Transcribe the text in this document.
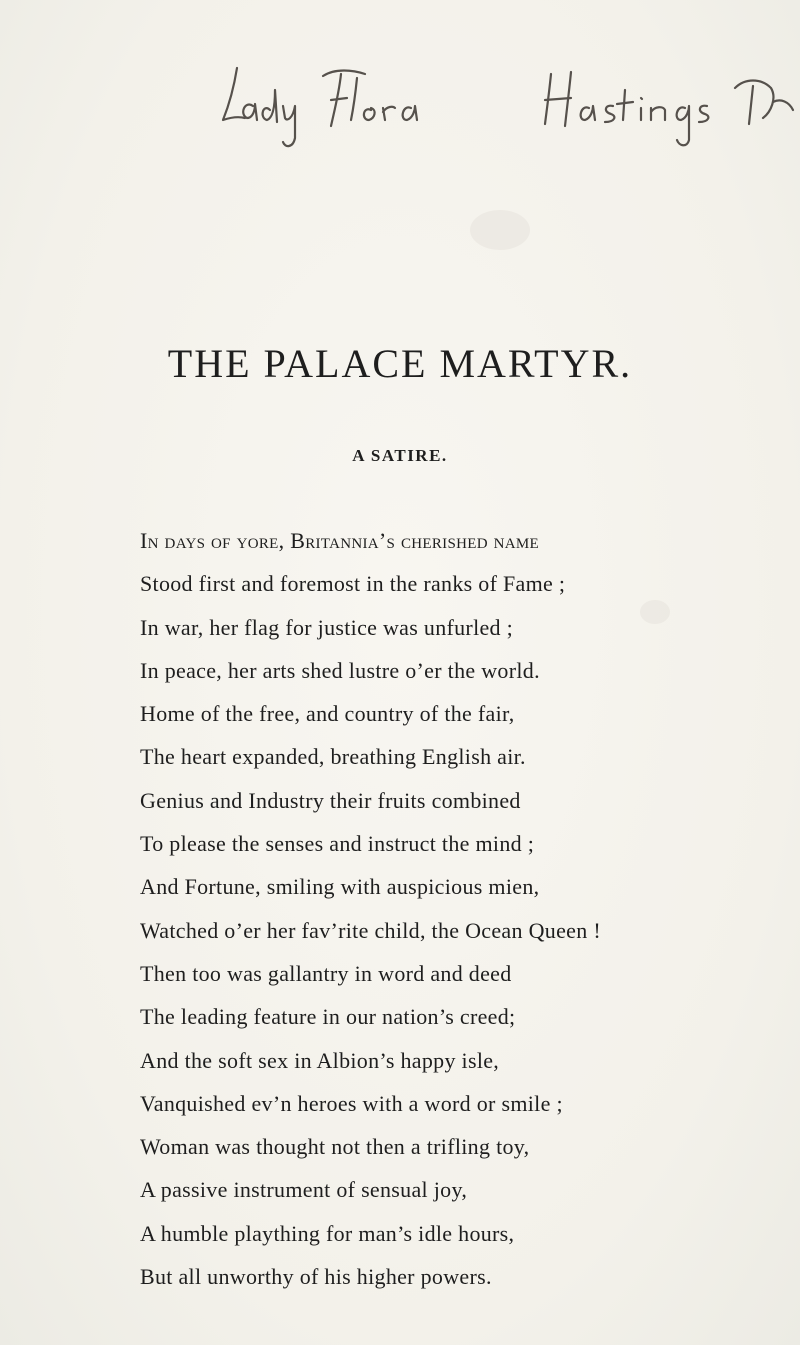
THE PALACE MARTYR.
A SATIRE.
In days of yore, Britannia’s cherished name
Stood first and foremost in the ranks of Fame ;
In war, her flag for justice was unfurled ;
In peace, her arts shed lustre o’er the world.
Home of the free, and country of the fair,
The heart expanded, breathing English air.
Genius and Industry their fruits combined
To please the senses and instruct the mind ;
And Fortune, smiling with auspicious mien,
Watched o’er her fav’rite child, the Ocean Queen !
Then too was gallantry in word and deed
The leading feature in our nation’s creed;
And the soft sex in Albion’s happy isle,
Vanquished ev’n heroes with a word or smile ;
Woman was thought not then a trifling toy,
A passive instrument of sensual joy,
A humble plaything for man’s idle hours,
But all unworthy of his higher powers.
